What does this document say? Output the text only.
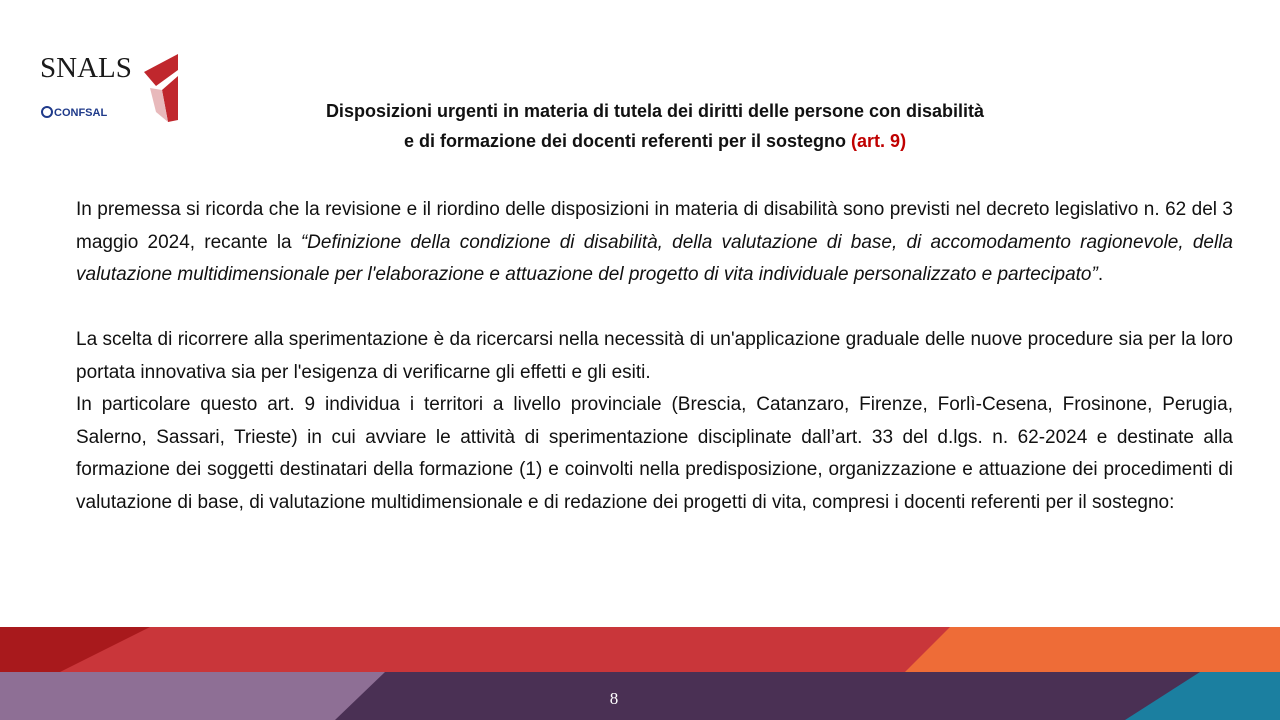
SNALS
CONFSAL	Disposizioni urgenti in materia di tutela dei diritti delle persone con disabilità
e di formazione dei docenti referenti per il sostegno (art. 9)

In premessa si ricorda che la revisione e il riordino delle disposizioni in materia di disabilità sono previsti nel decreto legislativo n. 62 del 3 maggio 2024, recante la “Definizione della condizione di disabilità, della valutazione di base, di accomodamento ragionevole, della valutazione multidimensionale per l'elaborazione e attuazione del progetto di vita individuale personalizzato e partecipato”.

La scelta di ricorrere alla sperimentazione è da ricercarsi nella necessità di un'applicazione graduale delle nuove procedure sia per la loro portata innovativa sia per l'esigenza di verificarne gli effetti e gli esiti.

In particolare questo art. 9 individua i territori a livello provinciale (Brescia, Catanzaro, Firenze, Forlì-Cesena, Frosinone, Perugia, Salerno, Sassari, Trieste) in cui avviare le attività di sperimentazione disciplinate dall’art. 33 del d.lgs. n. 62-2024 e destinate alla formazione dei soggetti destinatari della formazione (1) e coinvolti nella predisposizione, organizzazione e attuazione dei procedimenti di valutazione di base, di valutazione multidimensionale e di redazione dei progetti di vita, compresi i docenti referenti per il sostegno:

8
